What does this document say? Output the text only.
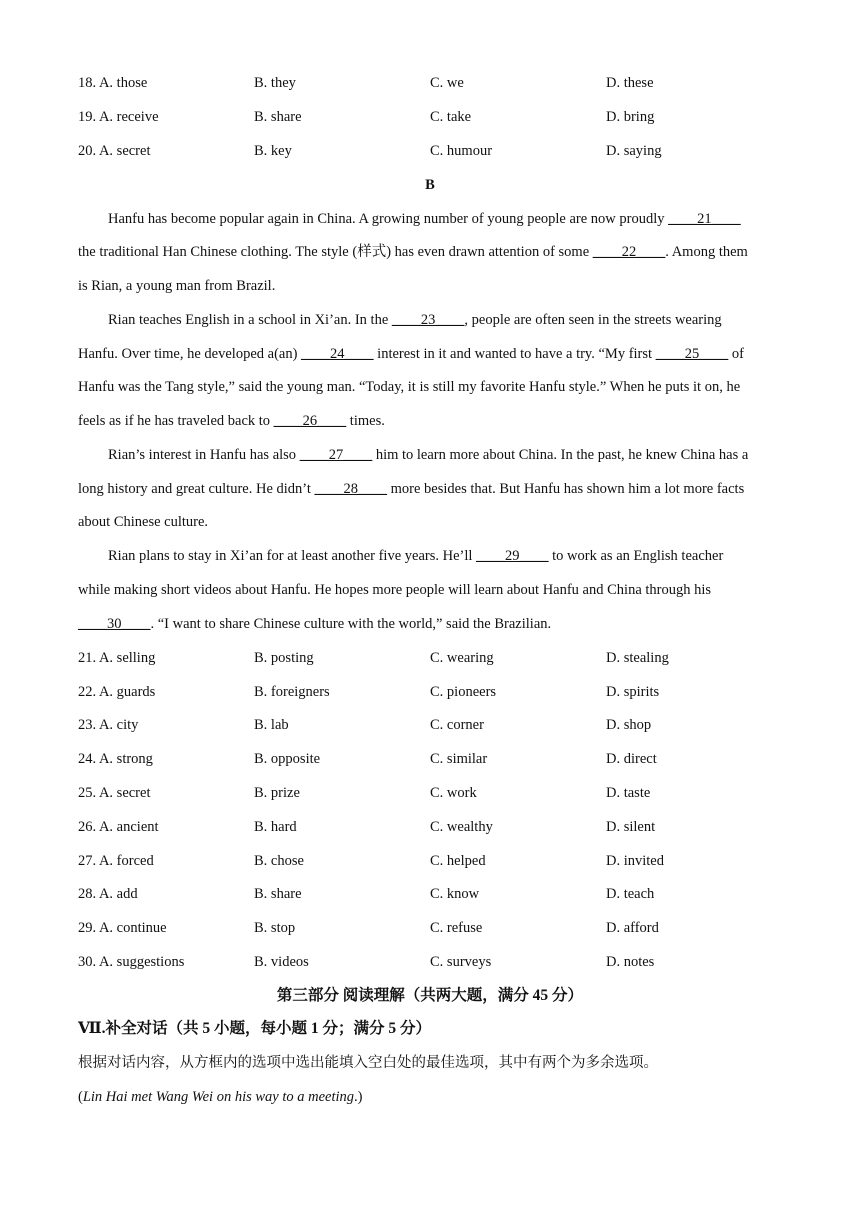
18. A. those	B. they	C. we	D. these
19. A. receive	B. share	C. take	D. bring
20. A. secret	B. key	C. humour	D. saying
B
Hanfu has become popular again in China. A growing number of young people are now proudly ____21____
the traditional Han Chinese clothing. The style (样式) has even drawn attention of some ____22____. Among them
is Rian, a young man from Brazil.
Rian teaches English in a school in Xi’an. In the ____23____, people are often seen in the streets wearing
Hanfu. Over time, he developed a(an) ____24____ interest in it and wanted to have a try. “My first ____25____ of
Hanfu was the Tang style,” said the young man. “Today, it is still my favorite Hanfu style.” When he puts it on, he
feels as if he has traveled back to ____26____ times.
Rian’s interest in Hanfu has also ____27____ him to learn more about China. In the past, he knew China has a
long history and great culture. He didn’t ____28____ more besides that. But Hanfu has shown him a lot more facts
about Chinese culture.
Rian plans to stay in Xi’an for at least another five years. He’ll ____29____ to work as an English teacher
while making short videos about Hanfu. He hopes more people will learn about Hanfu and China through his
____30____. “I want to share Chinese culture with the world,” said the Brazilian.
21. A. selling	B. posting	C. wearing	D. stealing
22. A. guards	B. foreigners	C. pioneers	D. spirits
23. A. city	B. lab	C. corner	D. shop
24. A. strong	B. opposite	C. similar	D. direct
25. A. secret	B. prize	C. work	D. taste
26. A. ancient	B. hard	C. wealthy	D. silent
27. A. forced	B. chose	C. helped	D. invited
28. A. add	B. share	C. know	D. teach
29. A. continue	B. stop	C. refuse	D. afford
30. A. suggestions	B. videos	C. surveys	D. notes
第三部分 阅读理解（共两大题，满分 45 分）
Ⅶ.补全对话（共 5 小题，每小题 1 分；满分 5 分）
根据对话内容，从方框内的选项中选出能填入空白处的最佳选项，其中有两个为多余选项。
(Lin Hai met Wang Wei on his way to a meeting.)
